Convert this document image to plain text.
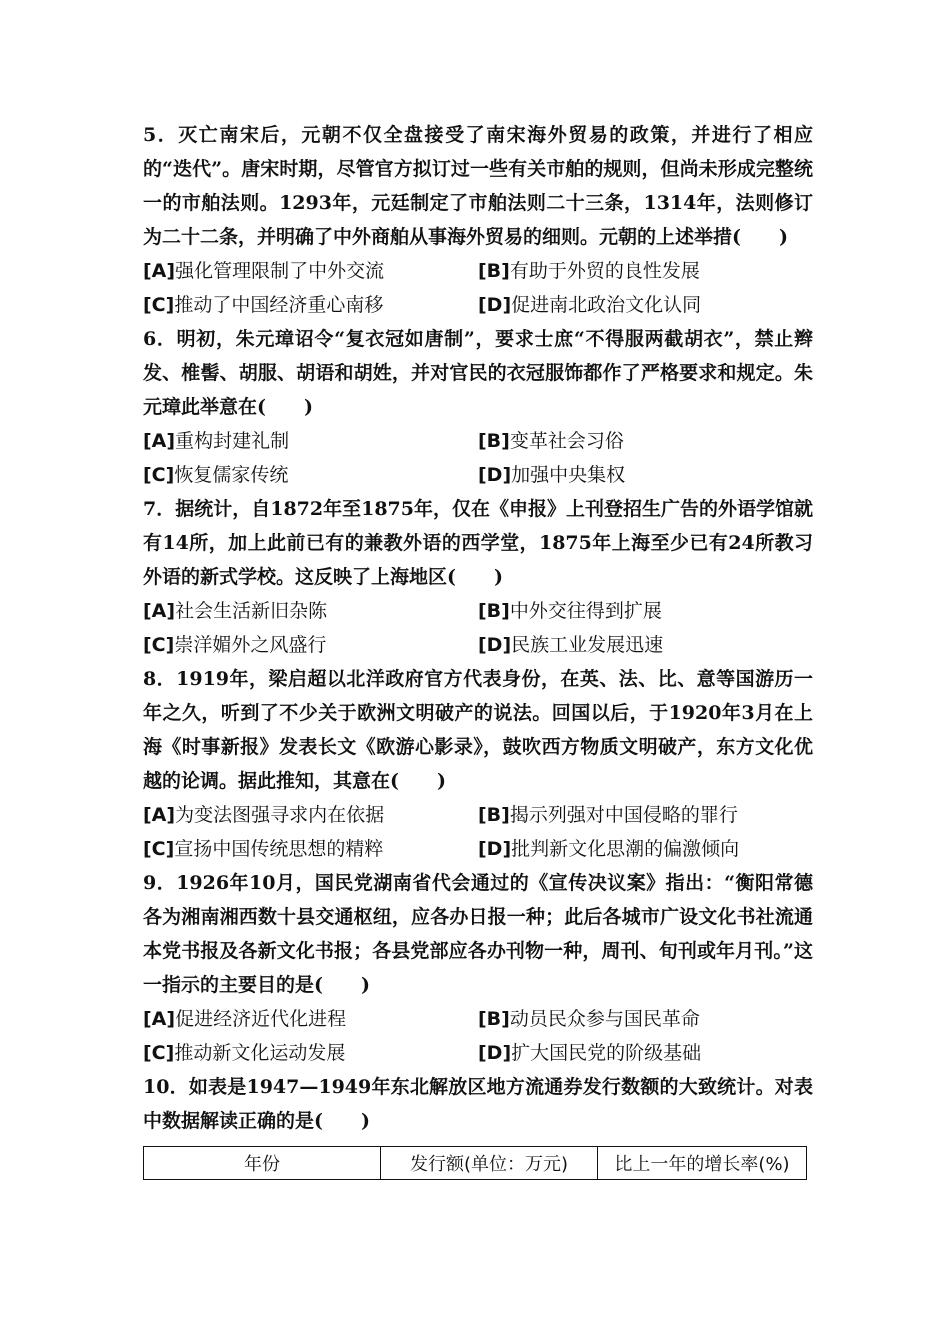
5．灭亡南宋后，元朝不仅全盘接受了南宋海外贸易的政策，并进行了相应的“迭代”。唐宋时期，尽管官方拟订过一些有关市舶的规则，但尚未形成完整统一的市舶法则。1293年，元廷制定了市舶法则二十三条，1314年，法则修订为二十二条，并明确了中外商舶从事海外贸易的细则。元朝的上述举措(　　)

[A]强化管理限制了中外交流	[B]有助于外贸的良性发展
[C]推动了中国经济重心南移	[D]促进南北政治文化认同

6．明初，朱元璋诏令“复衣冠如唐制”，要求士庶“不得服两截胡衣”，禁止辫发、椎髻、胡服、胡语和胡姓，并对官民的衣冠服饰都作了严格要求和规定。朱元璋此举意在(　　)

[A]重构封建礼制	[B]变革社会习俗
[C]恢复儒家传统	[D]加强中央集权

7．据统计，自1872年至1875年，仅在《申报》上刊登招生广告的外语学馆就有14所，加上此前已有的兼教外语的西学堂，1875年上海至少已有24所教习外语的新式学校。这反映了上海地区(　　)

[A]社会生活新旧杂陈	[B]中外交往得到扩展
[C]崇洋媚外之风盛行	[D]民族工业发展迅速

8．1919年，梁启超以北洋政府官方代表身份，在英、法、比、意等国游历一年之久，听到了不少关于欧洲文明破产的说法。回国以后，于1920年3月在上海《时事新报》发表长文《欧游心影录》，鼓吹西方物质文明破产，东方文化优越的论调。据此推知，其意在(　　)

[A]为变法图强寻求内在依据	[B]揭示列强对中国侵略的罪行
[C]宣扬中国传统思想的精粹	[D]批判新文化思潮的偏激倾向

9．1926年10月，国民党湖南省代会通过的《宣传决议案》指出：“衡阳常德各为湘南湘西数十县交通枢纽，应各办日报一种；此后各城市广设文化书社流通本党书报及各新文化书报；各县党部应各办刊物一种，周刊、旬刊或年月刊。”这一指示的主要目的是(　　)

[A]促进经济近代化进程	[B]动员民众参与国民革命
[C]推动新文化运动发展	[D]扩大国民党的阶级基础

10．如表是1947—1949年东北解放区地方流通券发行数额的大致统计。对表中数据解读正确的是(　　)

年份	发行额(单位：万元)	比上一年的增长率(%)
